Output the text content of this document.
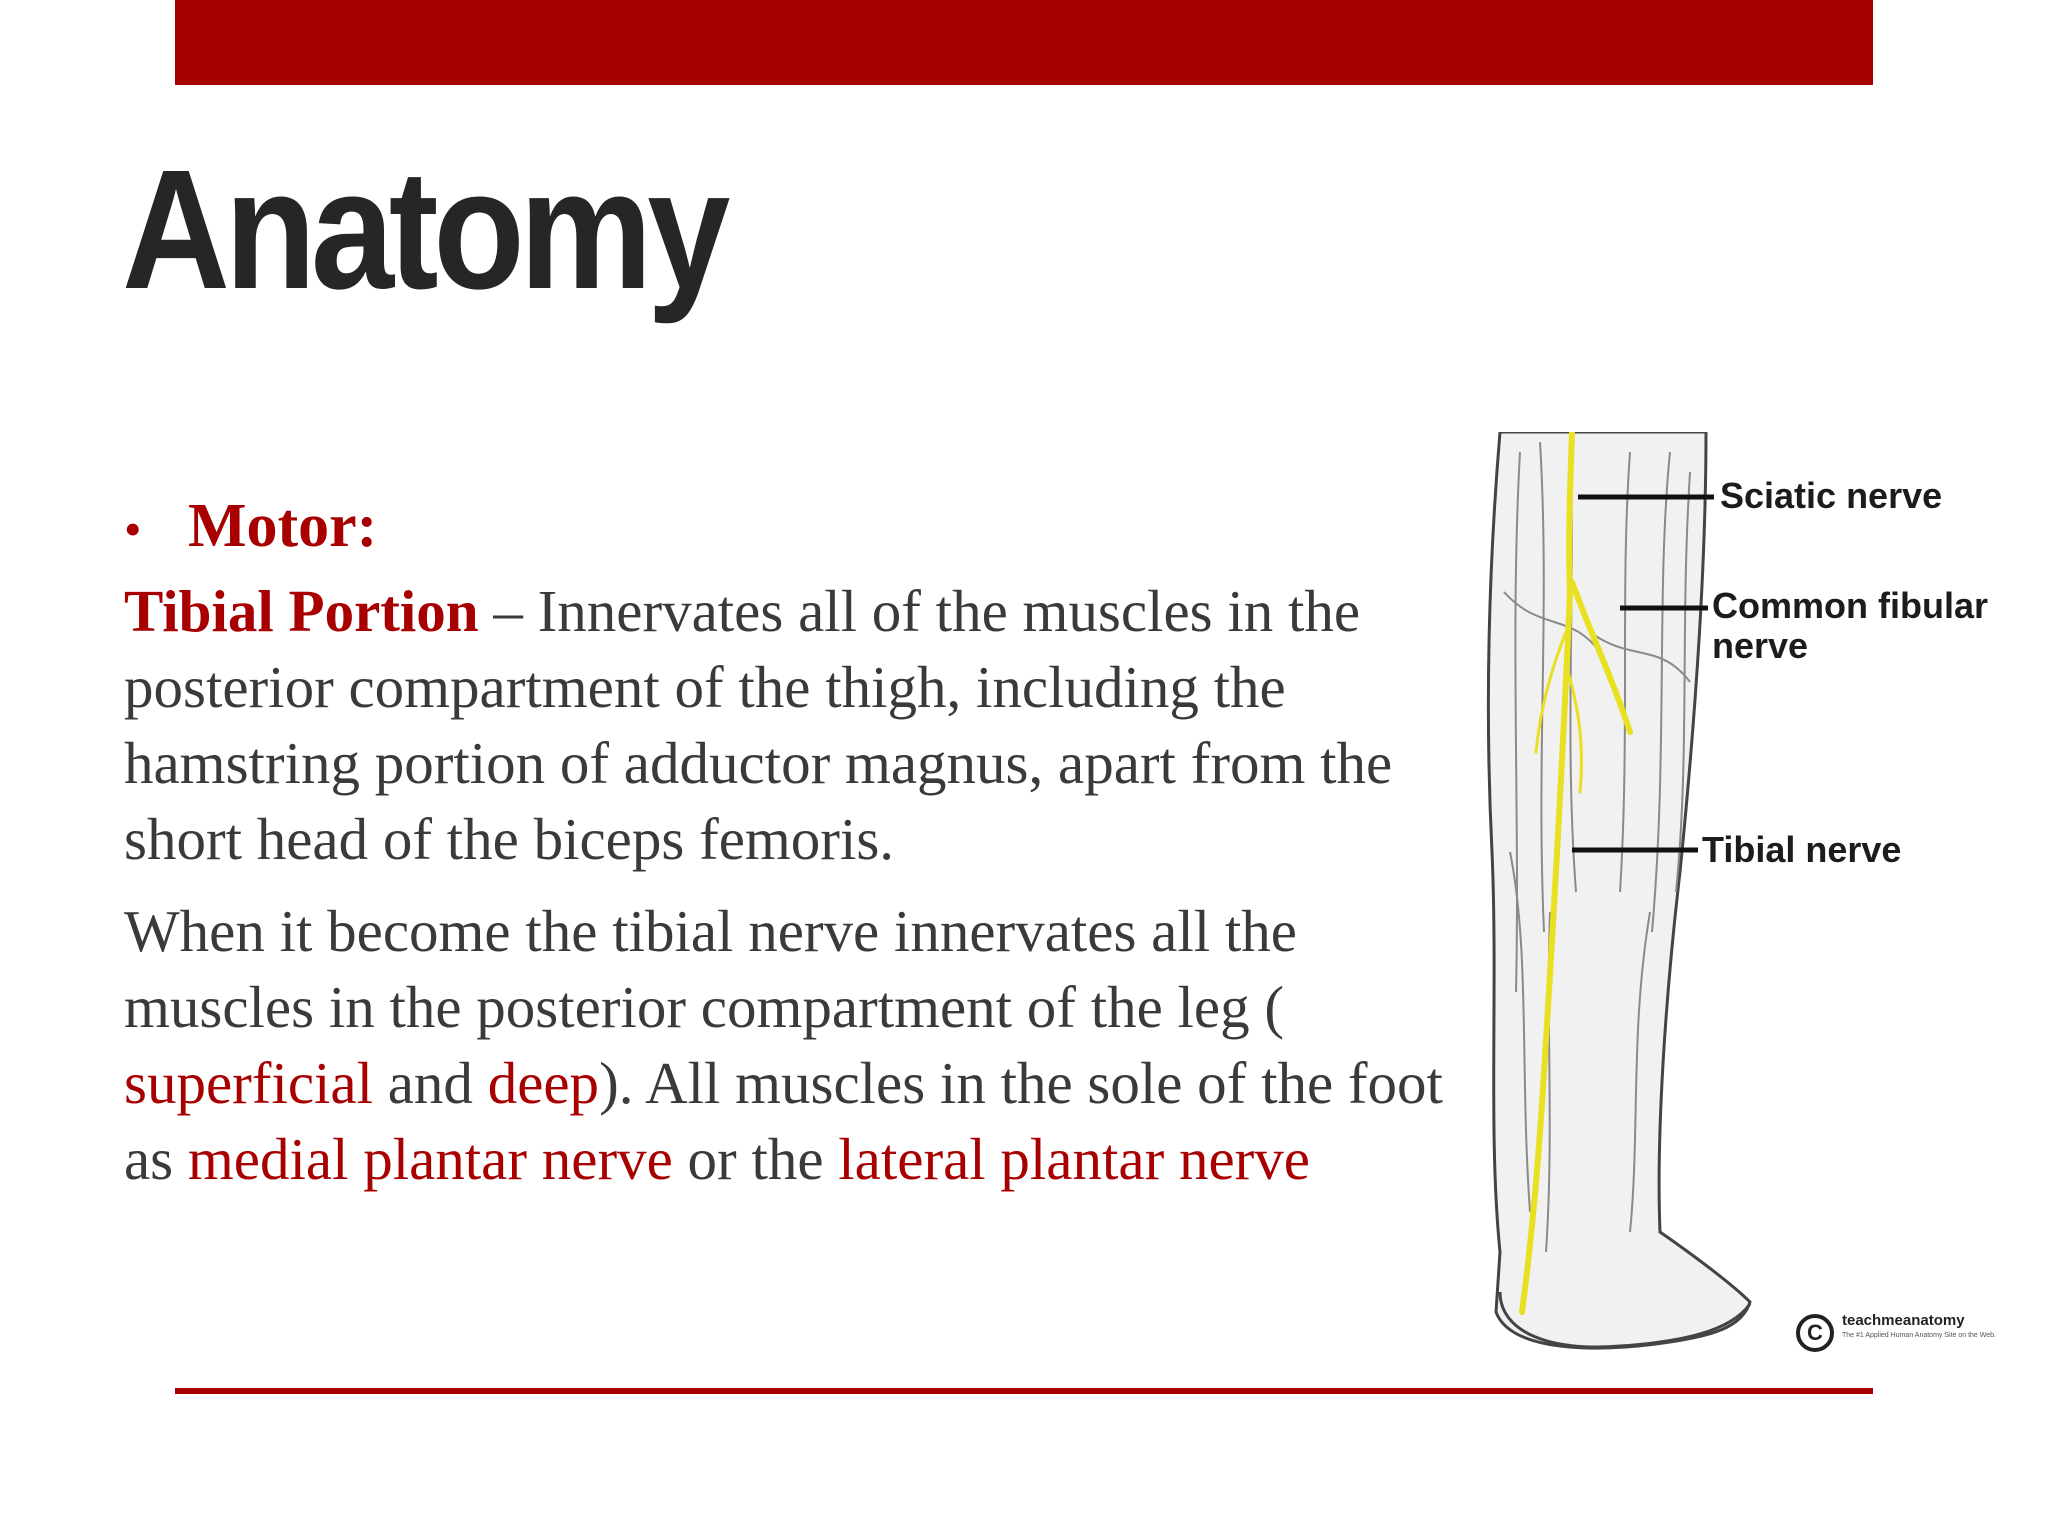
Anatomy
• Motor:

Tibial Portion – Innervates all of the muscles in the posterior compartment of the thigh, including the hamstring portion of adductor magnus, apart from the short head of the biceps femoris.

When it become the tibial nerve innervates all the muscles in the posterior compartment of the leg ( superficial and deep). All muscles in the sole of the foot as medial plantar nerve or the lateral plantar nerve

Sciatic nerve
Common fibular nerve
Tibial nerve
C	teachmeanatomy
The #1 Applied Human Anatomy Site on the Web.
